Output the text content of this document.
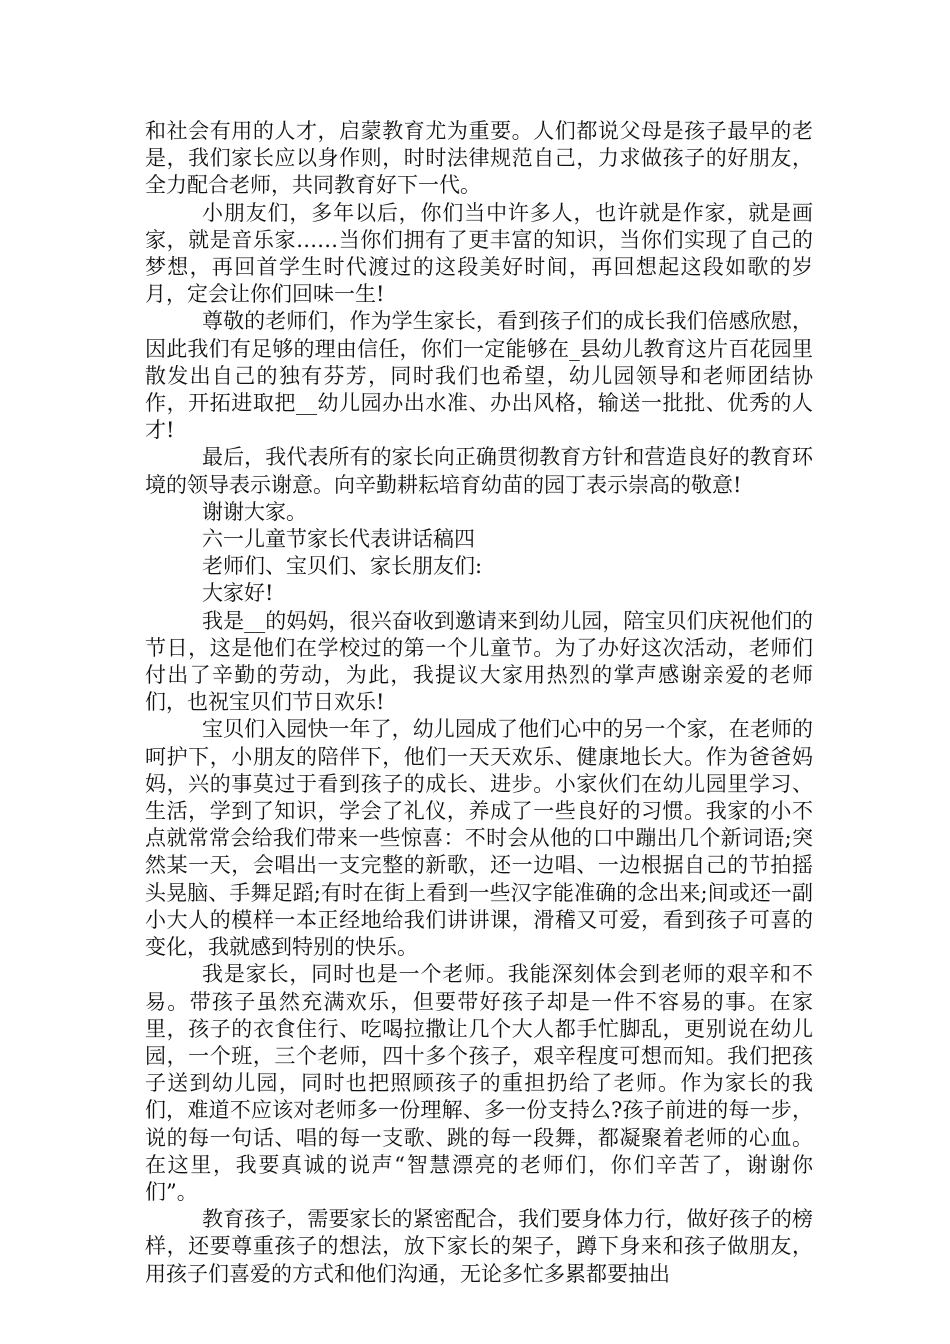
和社会有用的人才，启蒙教育尤为重要。人们都说父母是孩子最早的老是，我们家长应以身作则，时时法律规范自己，力求做孩子的好朋友，全力配合老师，共同教育好下一代。

小朋友们，多年以后，你们当中许多人，也许就是作家，就是画家，就是音乐家……当你们拥有了更丰富的知识，当你们实现了自己的梦想，再回首学生时代渡过的这段美好时间，再回想起这段如歌的岁月，定会让你们回味一生!

尊敬的老师们，作为学生家长，看到孩子们的成长我们倍感欣慰，因此我们有足够的理由信任，你们一定能够在_县幼儿教育这片百花园里散发出自己的独有芬芳，同时我们也希望，幼儿园领导和老师团结协作，开拓进取把__幼儿园办出水准、办出风格，输送一批批、优秀的人才!

最后，我代表所有的家长向正确贯彻教育方针和营造良好的教育环境的领导表示谢意。向辛勤耕耘培育幼苗的园丁表示崇高的敬意!

谢谢大家。

六一儿童节家长代表讲话稿四

老师们、宝贝们、家长朋友们:

大家好!

我是__的妈妈，很兴奋收到邀请来到幼儿园，陪宝贝们庆祝他们的节日，这是他们在学校过的第一个儿童节。为了办好这次活动，老师们付出了辛勤的劳动，为此，我提议大家用热烈的掌声感谢亲爱的老师们，也祝宝贝们节日欢乐!

宝贝们入园快一年了，幼儿园成了他们心中的另一个家，在老师的呵护下，小朋友的陪伴下，他们一天天欢乐、健康地长大。作为爸爸妈妈，兴的事莫过于看到孩子的成长、进步。小家伙们在幼儿园里学习、生活，学到了知识，学会了礼仪，养成了一些良好的习惯。我家的小不点就常常会给我们带来一些惊喜：不时会从他的口中蹦出几个新词语;突然某一天，会唱出一支完整的新歌，还一边唱、一边根据自己的节拍摇头晃脑、手舞足蹈;有时在街上看到一些汉字能准确的念出来;间或还一副小大人的模样一本正经地给我们讲讲课，滑稽又可爱，看到孩子可喜的变化，我就感到特别的快乐。

我是家长，同时也是一个老师。我能深刻体会到老师的艰辛和不易。带孩子虽然充满欢乐，但要带好孩子却是一件不容易的事。在家里，孩子的衣食住行、吃喝拉撒让几个大人都手忙脚乱，更别说在幼儿园，一个班，三个老师，四十多个孩子，艰辛程度可想而知。我们把孩子送到幼儿园，同时也把照顾孩子的重担扔给了老师。作为家长的我们，难道不应该对老师多一份理解、多一份支持么?孩子前进的每一步，说的每一句话、唱的每一支歌、跳的每一段舞，都凝聚着老师的心血。在这里，我要真诚的说声“智慧漂亮的老师们，你们辛苦了，谢谢你们”。

教育孩子，需要家长的紧密配合，我们要身体力行，做好孩子的榜样，还要尊重孩子的想法，放下家长的架子，蹲下身来和孩子做朋友，用孩子们喜爱的方式和他们沟通，无论多忙多累都要抽出
